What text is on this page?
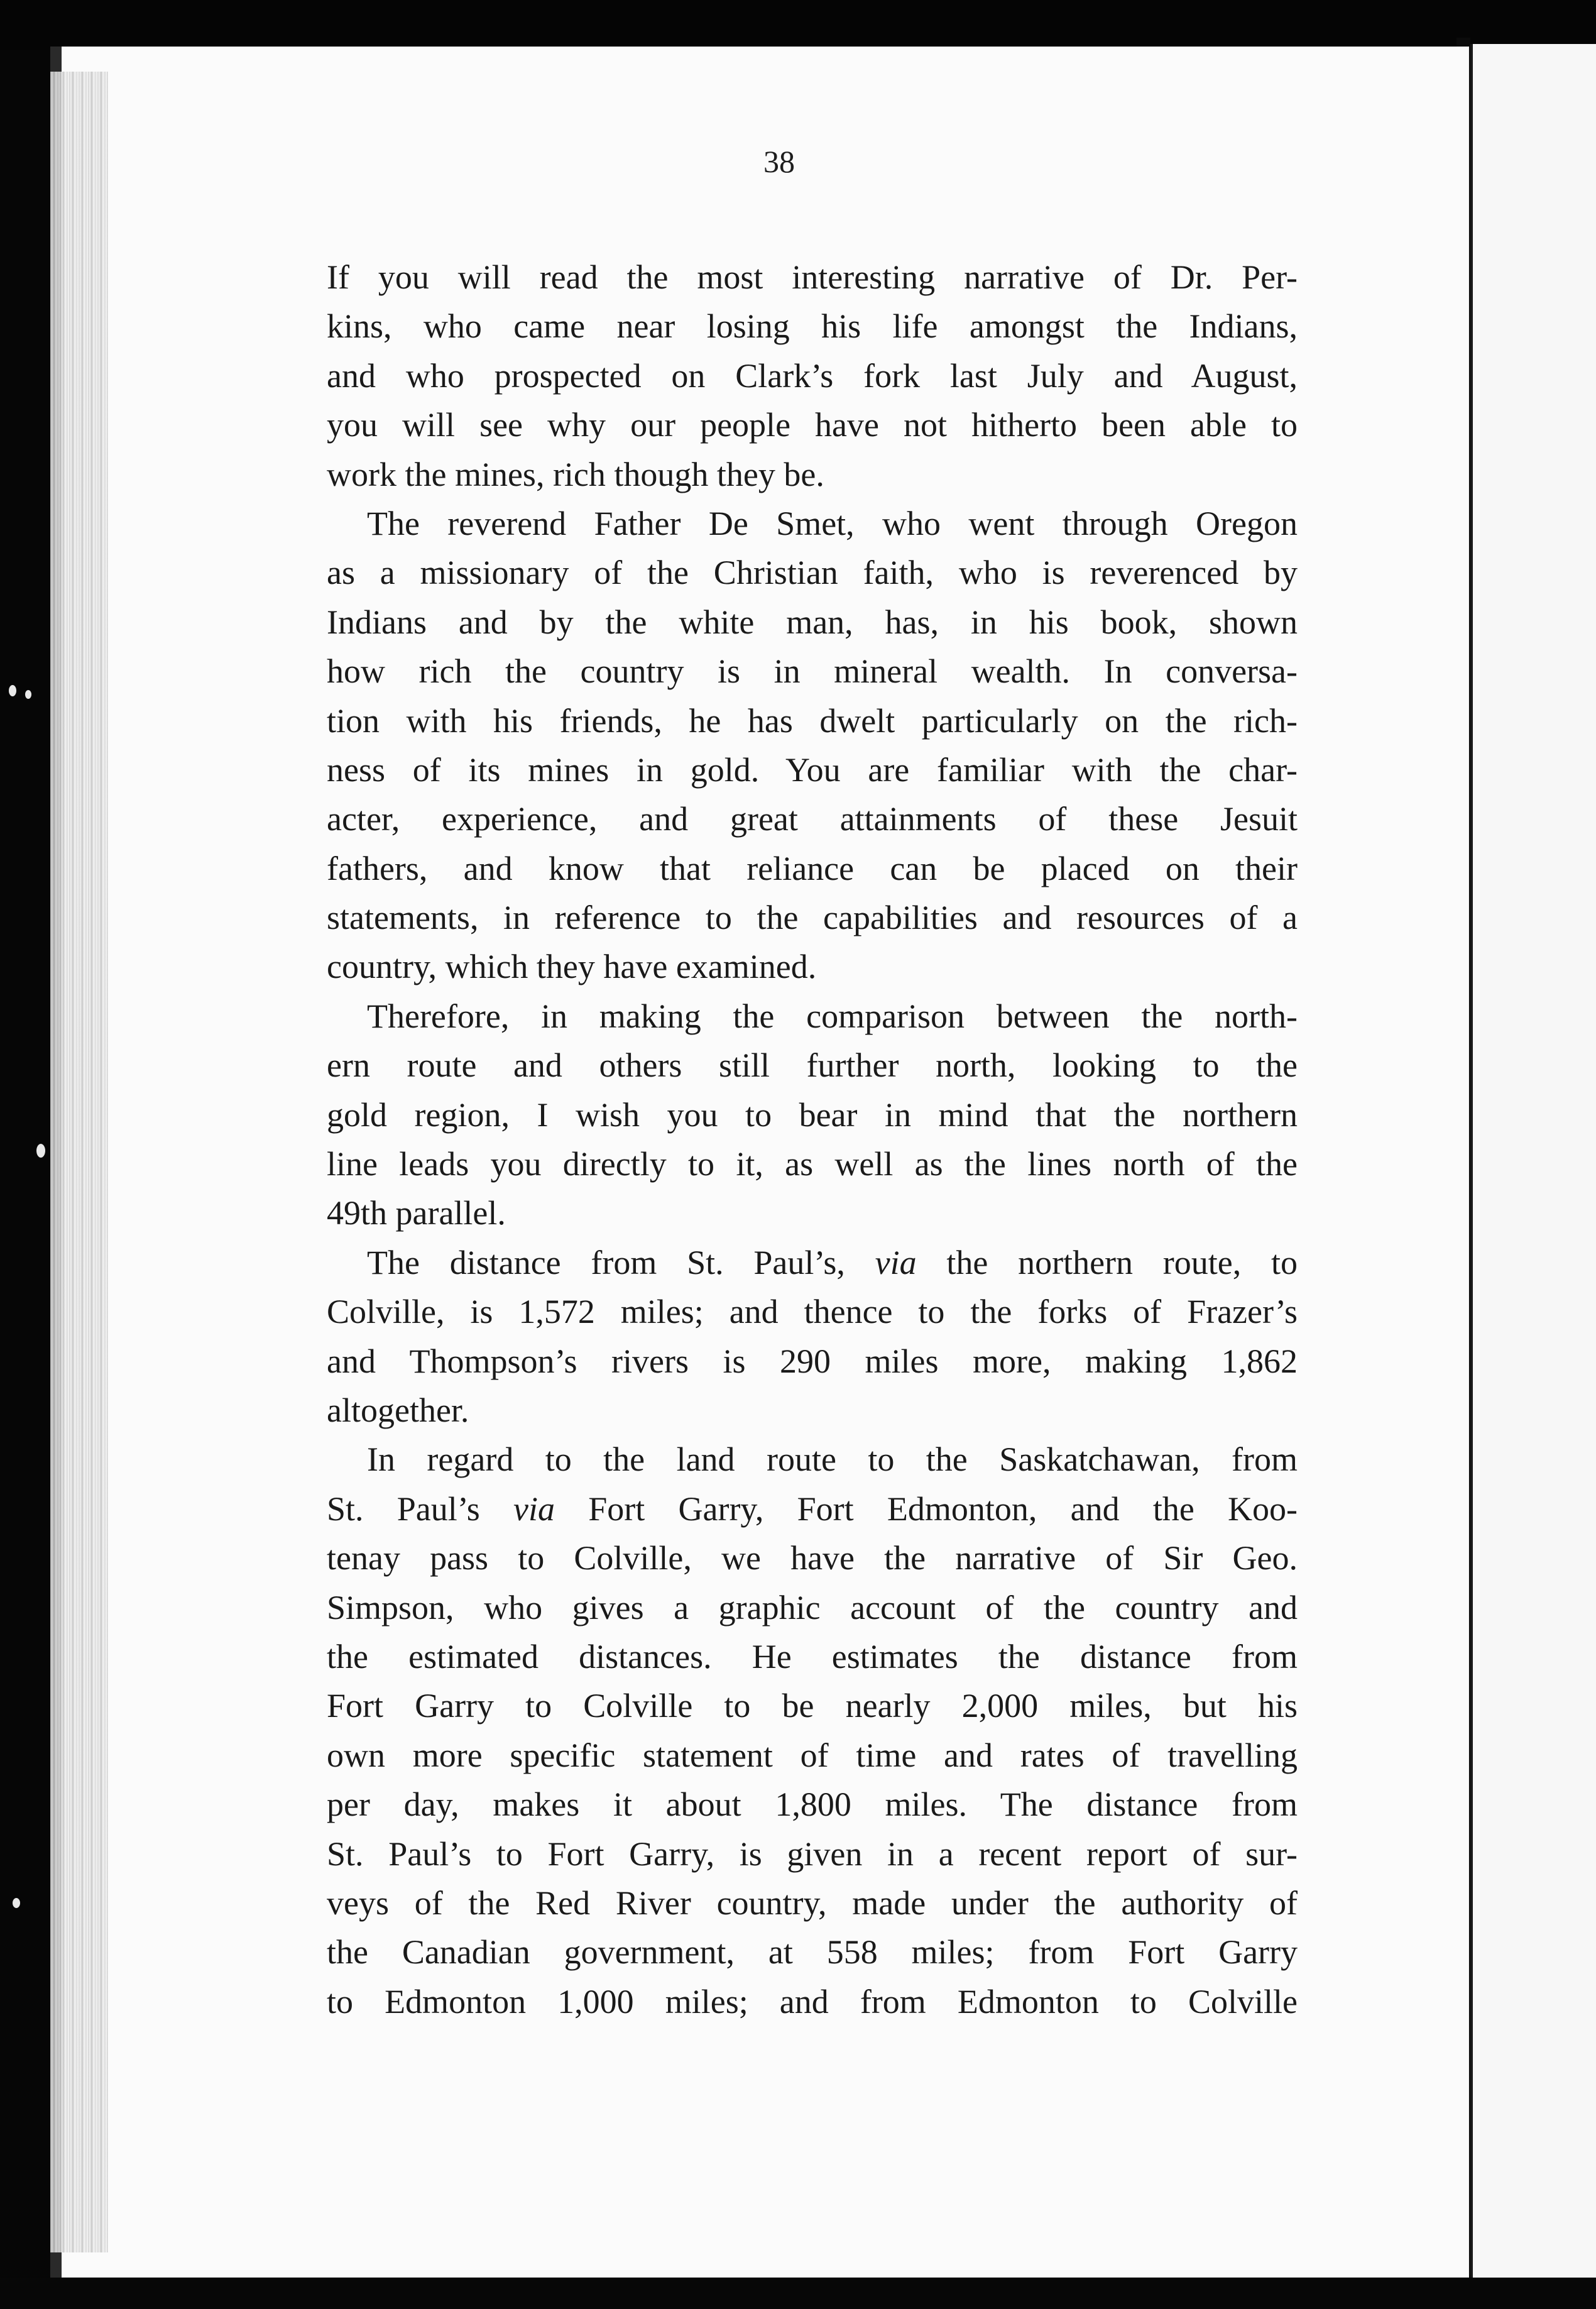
38
If you will read the most interesting narrative of Dr. Per-
kins, who came near losing his life amongst the Indians,
and who prospected on Clark’s fork last July and August,
you will see why our people have not hitherto been able to
work the mines, rich though they be.
The reverend Father De Smet, who went through Oregon
as a missionary of the Christian faith, who is reverenced by
Indians and by the white man, has, in his book, shown
how rich the country is in mineral wealth. In conversa-
tion with his friends, he has dwelt particularly on the rich-
ness of its mines in gold. You are familiar with the char-
acter, experience, and great attainments of these Jesuit
fathers, and know that reliance can be placed on their
statements, in reference to the capabilities and resources of a
country, which they have examined.
Therefore, in making the comparison between the north-
ern route and others still further north, looking to the
gold region, I wish you to bear in mind that the northern
line leads you directly to it, as well as the lines north of the
49th parallel.
The distance from St. Paul’s, via the northern route, to
Colville, is 1,572 miles; and thence to the forks of Frazer’s
and Thompson’s rivers is 290 miles more, making 1,862
altogether.
In regard to the land route to the Saskatchawan, from
St. Paul’s via Fort Garry, Fort Edmonton, and the Koo-
tenay pass to Colville, we have the narrative of Sir Geo.
Simpson, who gives a graphic account of the country and
the estimated distances. He estimates the distance from
Fort Garry to Colville to be nearly 2,000 miles, but his
own more specific statement of time and rates of travelling
per day, makes it about 1,800 miles. The distance from
St. Paul’s to Fort Garry, is given in a recent report of sur-
veys of the Red River country, made under the authority of
the Canadian government, at 558 miles; from Fort Garry
to Edmonton 1,000 miles; and from Edmonton to Colville
